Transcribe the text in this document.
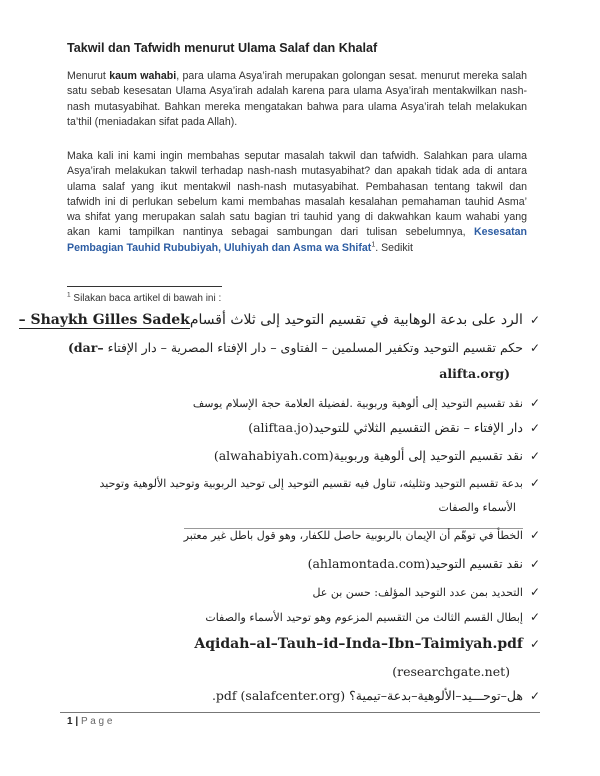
Takwil dan Tafwidh menurut Ulama Salaf dan Khalaf
Menurut kaum wahabi, para ulama Asya’irah merupakan golongan sesat. menurut mereka salah satu sebab kesesatan Ulama Asya’irah adalah karena para ulama Asya’irah mentakwilkan nash-nash mutasyabihat. Bahkan mereka mengatakan bahwa para ulama Asya’irah telah melakukan ta’thil (meniadakan sifat pada Allah).
Maka kali ini kami ingin membahas seputar masalah takwil dan tafwidh. Salahkan para ulama Asya’irah melakukan takwil terhadap nash-nash mutasyabihat? dan apakah tidak ada di antara ulama salaf yang ikut mentakwil nash-nash mutasyabihat. Pembahasan tentang takwil dan tafwidh ini di perlukan sebelum kami membahas masalah kesalahan pemahaman tauhid Asma’ wa shifat yang merupakan salah satu bagian tri tauhid yang di dakwahkan kaum wahabi yang akan kami tampilkan nantinya sebagai sambungan dari tulisan sebelumnya, Kesesatan Pembagian Tauhid Rububiyah, Uluhiyah dan Asma wa Shifat$^1$. Sedikit
$^1$ Silakan baca artikel di bawah ini :
✓الرد على بدعة الوهابية في تقسيم التوحيد إلى ثلاث أقسام– Shaykh Gilles Sadek
✓حكم تقسيم التوحيد وتكفير المسلمين – الفتاوى – دار الإفتاء المصرية – دار الإفتاء (dar–
alifta.org)
✓نقد تقسيم التوحيد إلى ألوهية وربوبية .لفضيلة العلامة حجة الإسلام يوسف
✓دار الإفتاء – نقض التقسيم الثلاثي للتوحيد(aliftaa.jo)
✓نقد تقسيم التوحيد إلى ألوهية وربوبية(alwahabiyah.com)
✓بدعة تقسيم التوحيد وتثليثه، تناول فيه تقسيم التوحيد إلى توحيد الربوبية وتوحيد الألوهية وتوحيد
الأسماء والصفات
✓الخطأ في توهّم أن الإيمان بالربوبية حاصل للكفار، وهو قول باطل غير معتبر
✓نقد تقسيم التوحيد(ahlamontada.com)
✓التحديد بمن عدد التوحيد المؤلف: حسن بن عل
✓إبطال القسم الثالث من التقسيم المزعوم وهو توحيد الأسماء والصفات
✓Aqidah–al–Tauh–id–Inda–Ibn–Taimiyah.pdf
(researchgate.net)
✓هل–توحـــيد–الألوهية–بدعة–تيمية؟ .pdf (salafcenter.org)
1 | P a g e
